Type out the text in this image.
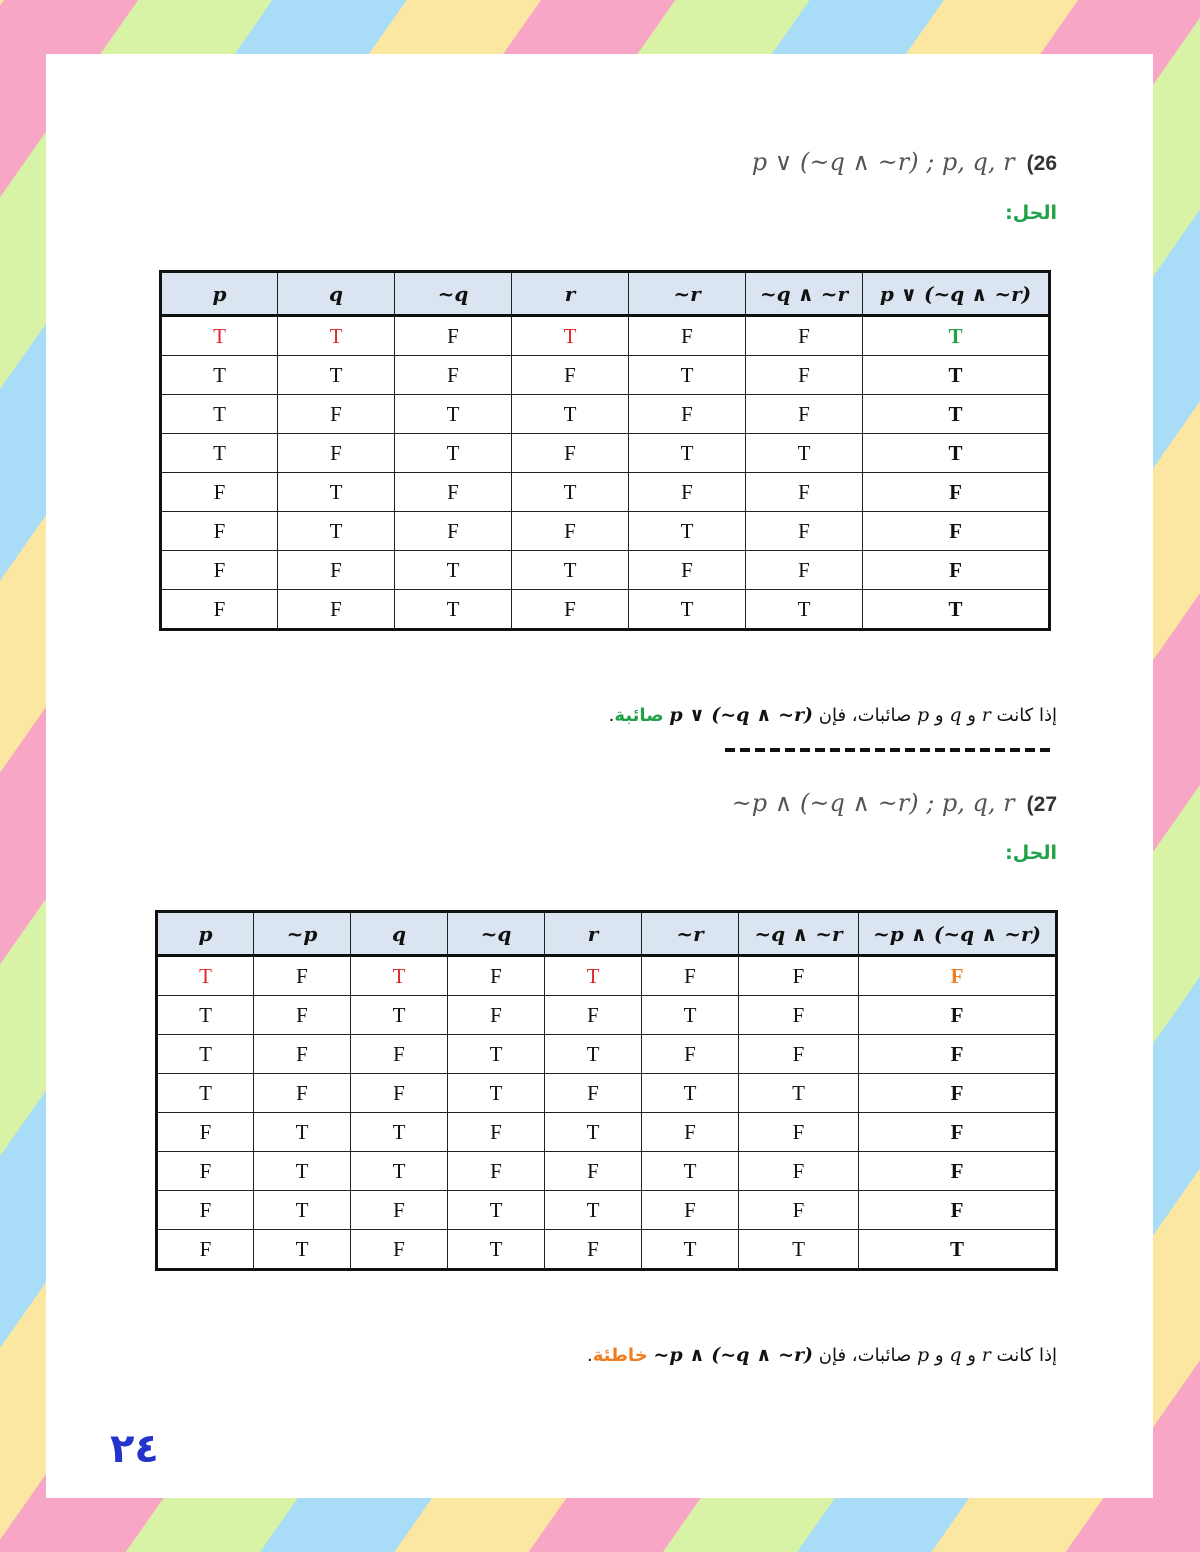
p ∨ (~q ∧ ~r) ; p, q, r (26
الحل:
p	q	~q	r	~r	~q ∧ ~r	p ∨ (~q ∧ ~r)
T	T	F	T	F	F	T
T	T	F	F	T	F	T
T	F	T	T	F	F	T
T	F	T	F	T	T	T
F	T	F	T	F	F	F
F	T	F	F	T	F	F
F	F	T	T	F	F	F
F	F	T	F	T	T	T
إذا كانت r و q و p صائبات، فإن p ∨ (~q ∧ ~r) صائبة.
~p ∧ (~q ∧ ~r) ; p, q, r (27
الحل:
p	~p	q	~q	r	~r	~q ∧ ~r	~p ∧ (~q ∧ ~r)
T	F	T	F	T	F	F	F
T	F	T	F	F	T	F	F
T	F	F	T	T	F	F	F
T	F	F	T	F	T	T	F
F	T	T	F	T	F	F	F
F	T	T	F	F	T	F	F
F	T	F	T	T	F	F	F
F	T	F	T	F	T	T	T
إذا كانت r و q و p صائبات، فإن ~p ∧ (~q ∧ ~r) خاطئة.
٢٤
